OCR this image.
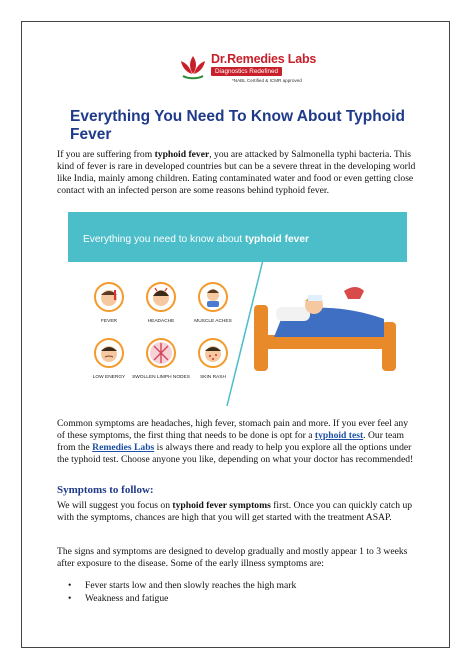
Dr.Remedies Labs
Diagnostics Redefined
*NABL Certified & ICMR approved
Everything You Need To Know About Typhoid Fever

If you are suffering from typhoid fever, you are attacked by Salmonella typhi bacteria. This kind of fever is rare in developed countries but can be a severe threat in the developing world like India, mainly among children. Eating contaminated water and food or even getting close contact with an infected person are some reasons behind typhoid fever.

Everything you need to know about typhoid fever
FEVER	HEADACHE	MUSCLE ACHES
LOW ENERGY	SWOLLEN LIMPH NODES	SKIN RASH

Common symptoms are headaches, high fever, stomach pain and more. If you ever feel any of these symptoms, the first thing that needs to be done is opt for a typhoid test. Our team from the Remedies Labs is always there and ready to help you explore all the options under the typhoid test. Choose anyone you like, depending on what your doctor has recommended!

Symptoms to follow:

We will suggest you focus on typhoid fever symptoms first. Once you can quickly catch up with the symptoms, chances are high that you will get started with the treatment ASAP.

The signs and symptoms are designed to develop gradually and mostly appear 1 to 3 weeks after exposure to the disease. Some of the early illness symptoms are:

• Fever starts low and then slowly reaches the high mark
• Weakness and fatigue
